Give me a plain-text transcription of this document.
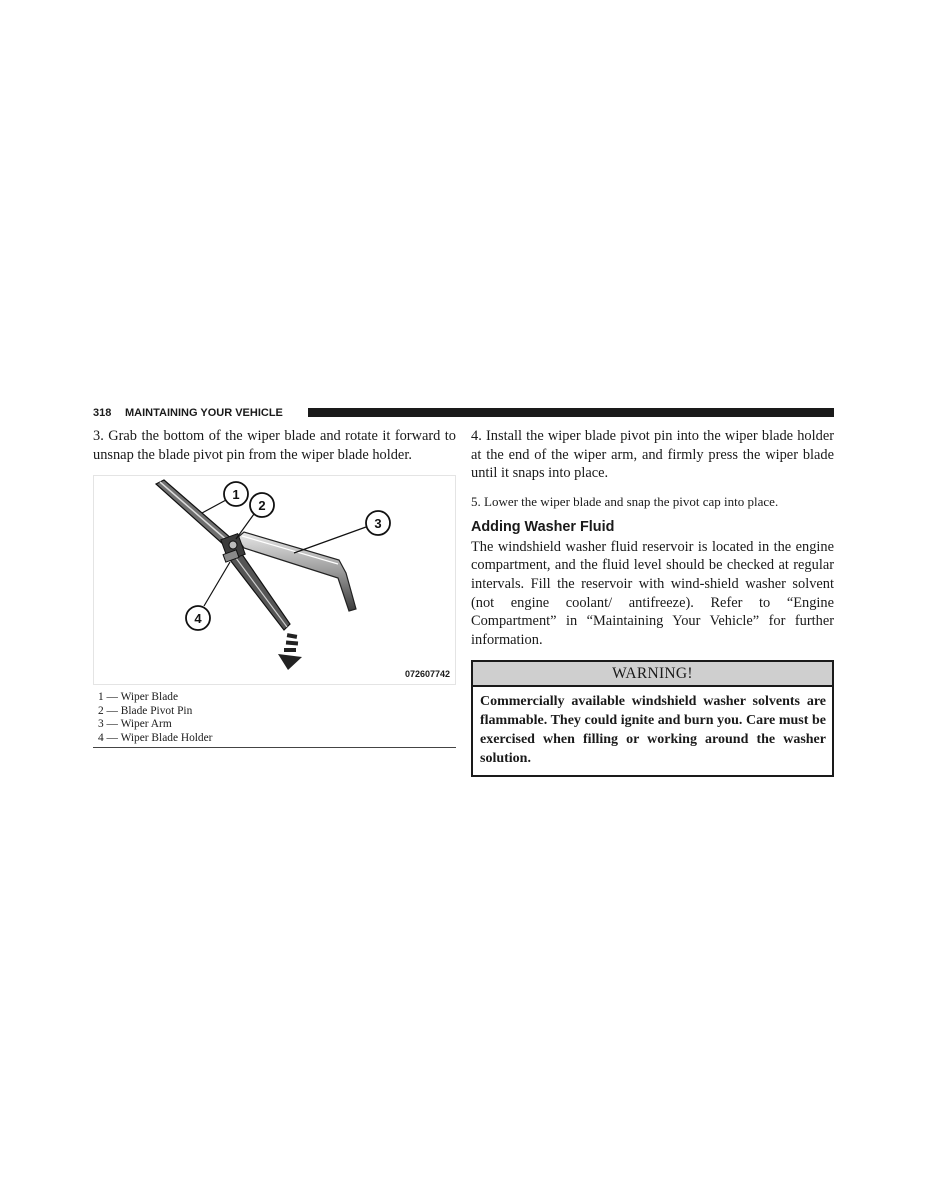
318 MAINTAINING YOUR VEHICLE

3. Grab the bottom of the wiper blade and rotate it forward to unsnap the blade pivot pin from the wiper blade holder.

1
2
3
4
072607742
1 — Wiper Blade
2 — Blade Pivot Pin
3 — Wiper Arm
4 — Wiper Blade Holder

4. Install the wiper blade pivot pin into the wiper blade holder at the end of the wiper arm, and firmly press the wiper blade until it snaps into place.

5. Lower the wiper blade and snap the pivot cap into place.

Adding Washer Fluid

The windshield washer fluid reservoir is located in the engine compartment, and the fluid level should be checked at regular intervals. Fill the reservoir with wind-shield washer solvent (not engine coolant/ antifreeze). Refer to “Engine Compartment” in “Maintaining Your Vehicle” for further information.

WARNING!
Commercially available windshield washer solvents are flammable. They could ignite and burn you. Care must be exercised when filling or working around the washer solution.
